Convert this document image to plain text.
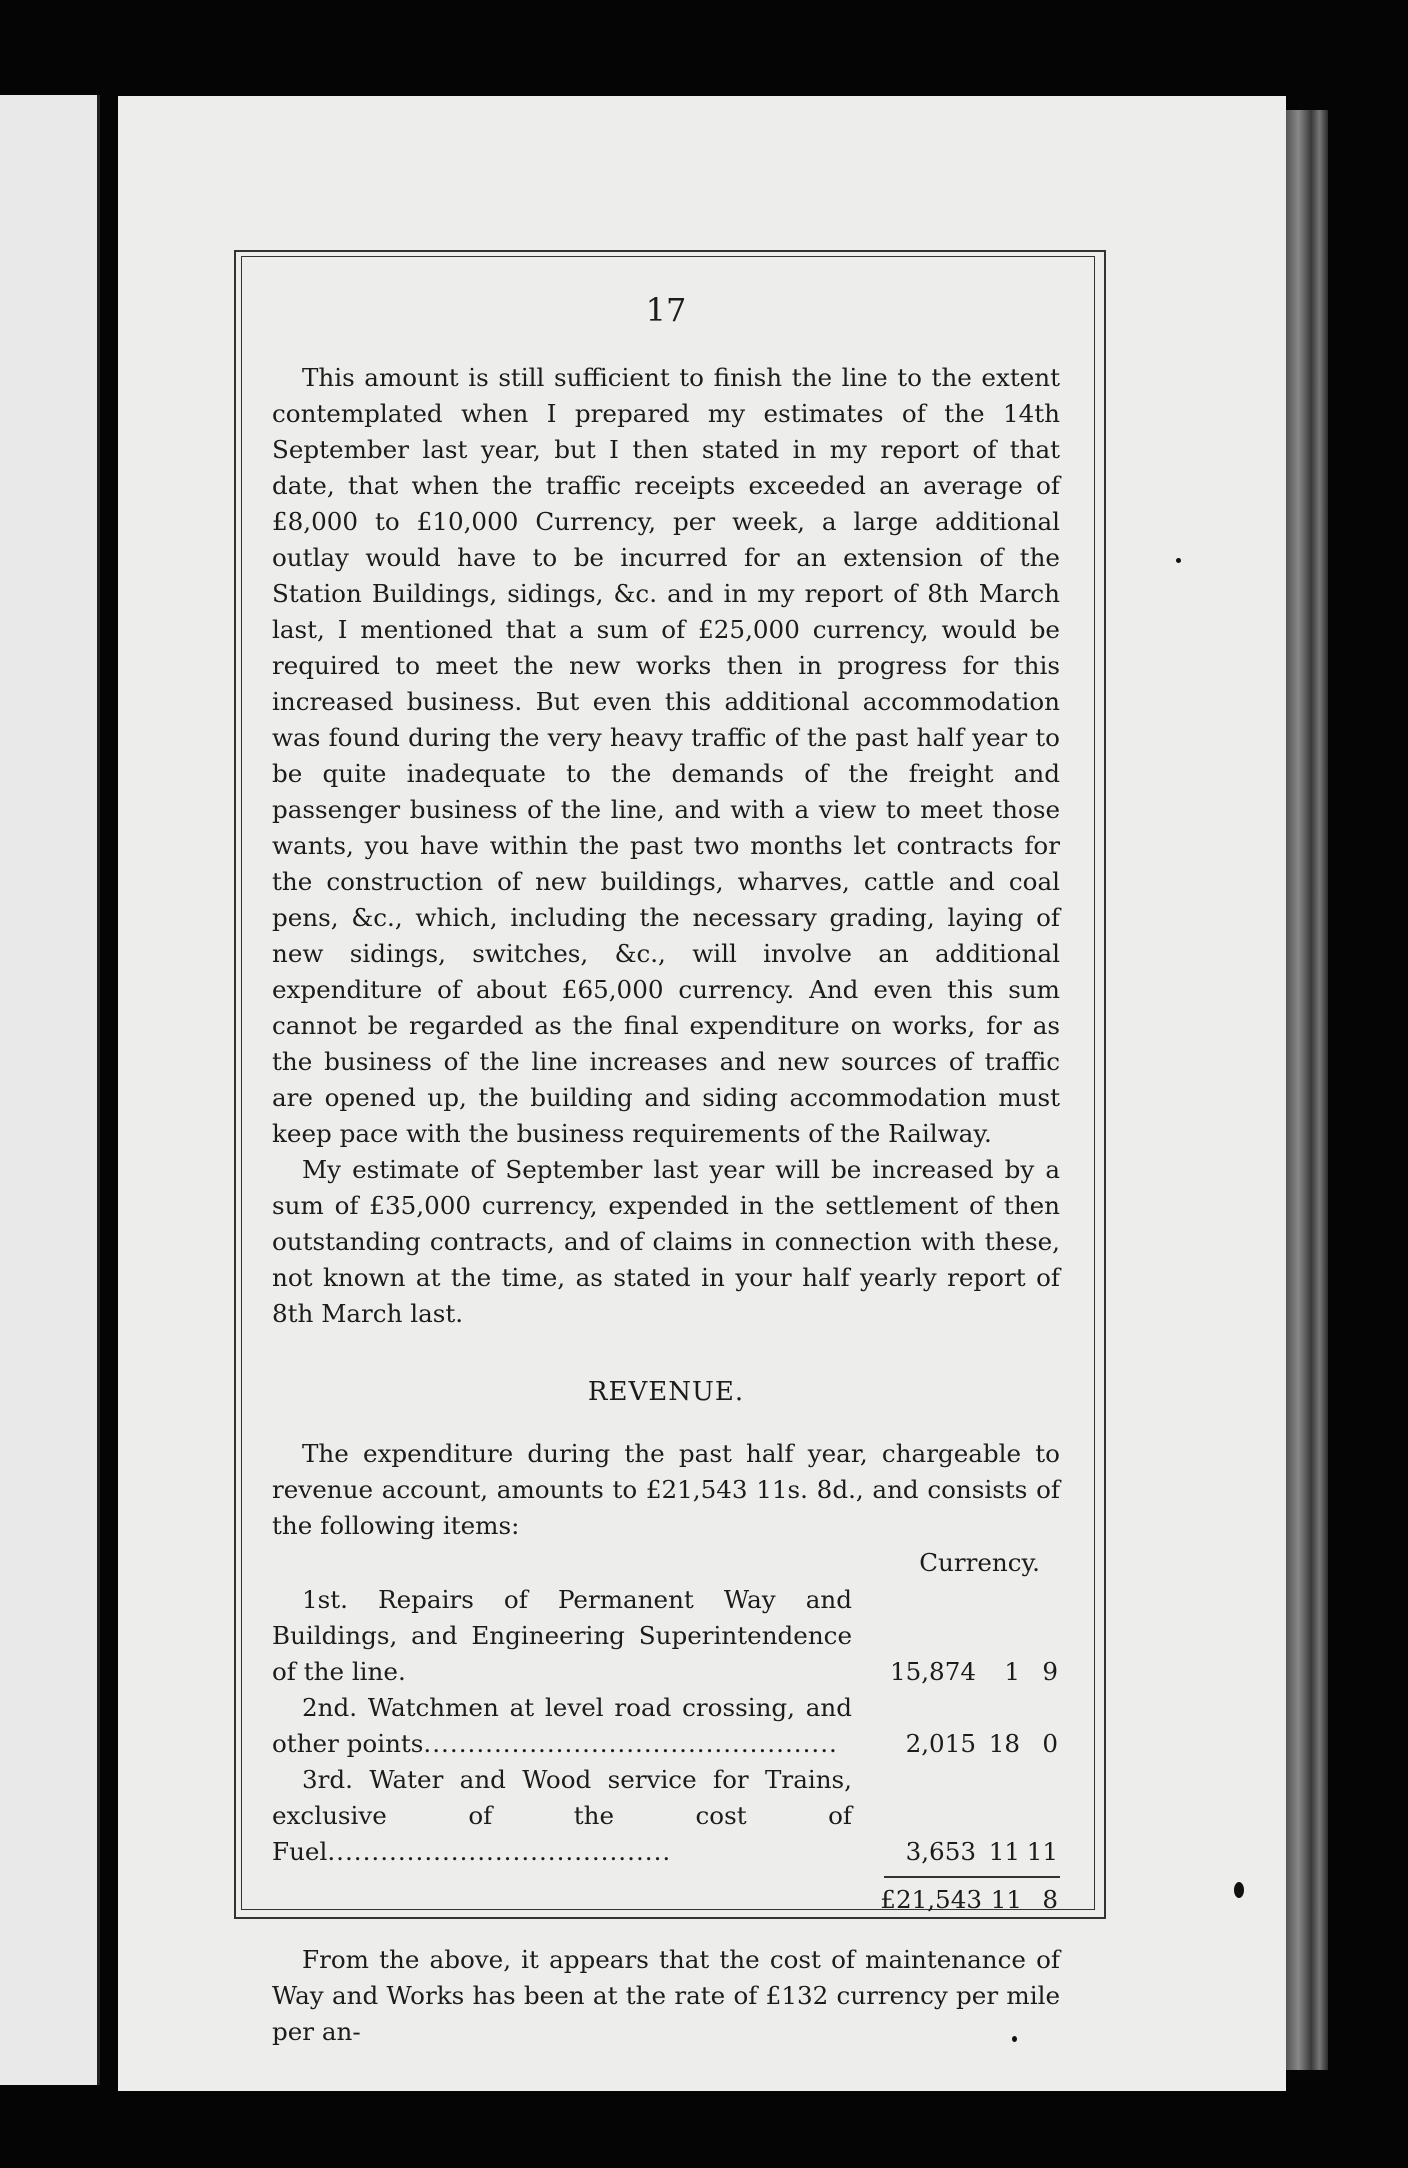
17

This amount is still sufficient to finish the line to the extent contemplated when I prepared my estimates of the 14th September last year, but I then stated in my report of that date, that when the traffic receipts exceeded an average of £8,000 to £10,000 Currency, per week, a large additional outlay would have to be incurred for an extension of the Station Buildings, sidings, &c. and in my report of 8th March last, I mentioned that a sum of £25,000 currency, would be required to meet the new works then in progress for this increased business. But even this additional accommodation was found during the very heavy traffic of the past half year to be quite inadequate to the demands of the freight and passenger business of the line, and with a view to meet those wants, you have within the past two months let contracts for the construction of new buildings, wharves, cattle and coal pens, &c., which, including the necessary grading, laying of new sidings, switches, &c., will involve an additional expenditure of about £65,000 currency. And even this sum cannot be regarded as the final expenditure on works, for as the business of the line increases and new sources of traffic are opened up, the building and siding accommodation must keep pace with the business requirements of the Railway.

My estimate of September last year will be increased by a sum of £35,000 currency, expended in the settlement of then outstanding contracts, and of claims in connection with these, not known at the time, as stated in your half yearly report of 8th March last.

REVENUE.

The expenditure during the past half year, chargeable to revenue account, amounts to £21,543 11s. 8d., and consists of the following items:

Currency.
1st. Repairs of Permanent Way and Buildings, and Engineering Superintendence of the line.	15,874	1 9
2nd. Watchmen at level road crossing, and other points...............................................	2,015 18 0
3rd. Water and Wood service for Trains, exclusive of the cost of Fuel.......................................	3,653 11 11
£21,543 11 8

From the above, it appears that the cost of maintenance of Way and Works has been at the rate of £132 currency per mile per an-
